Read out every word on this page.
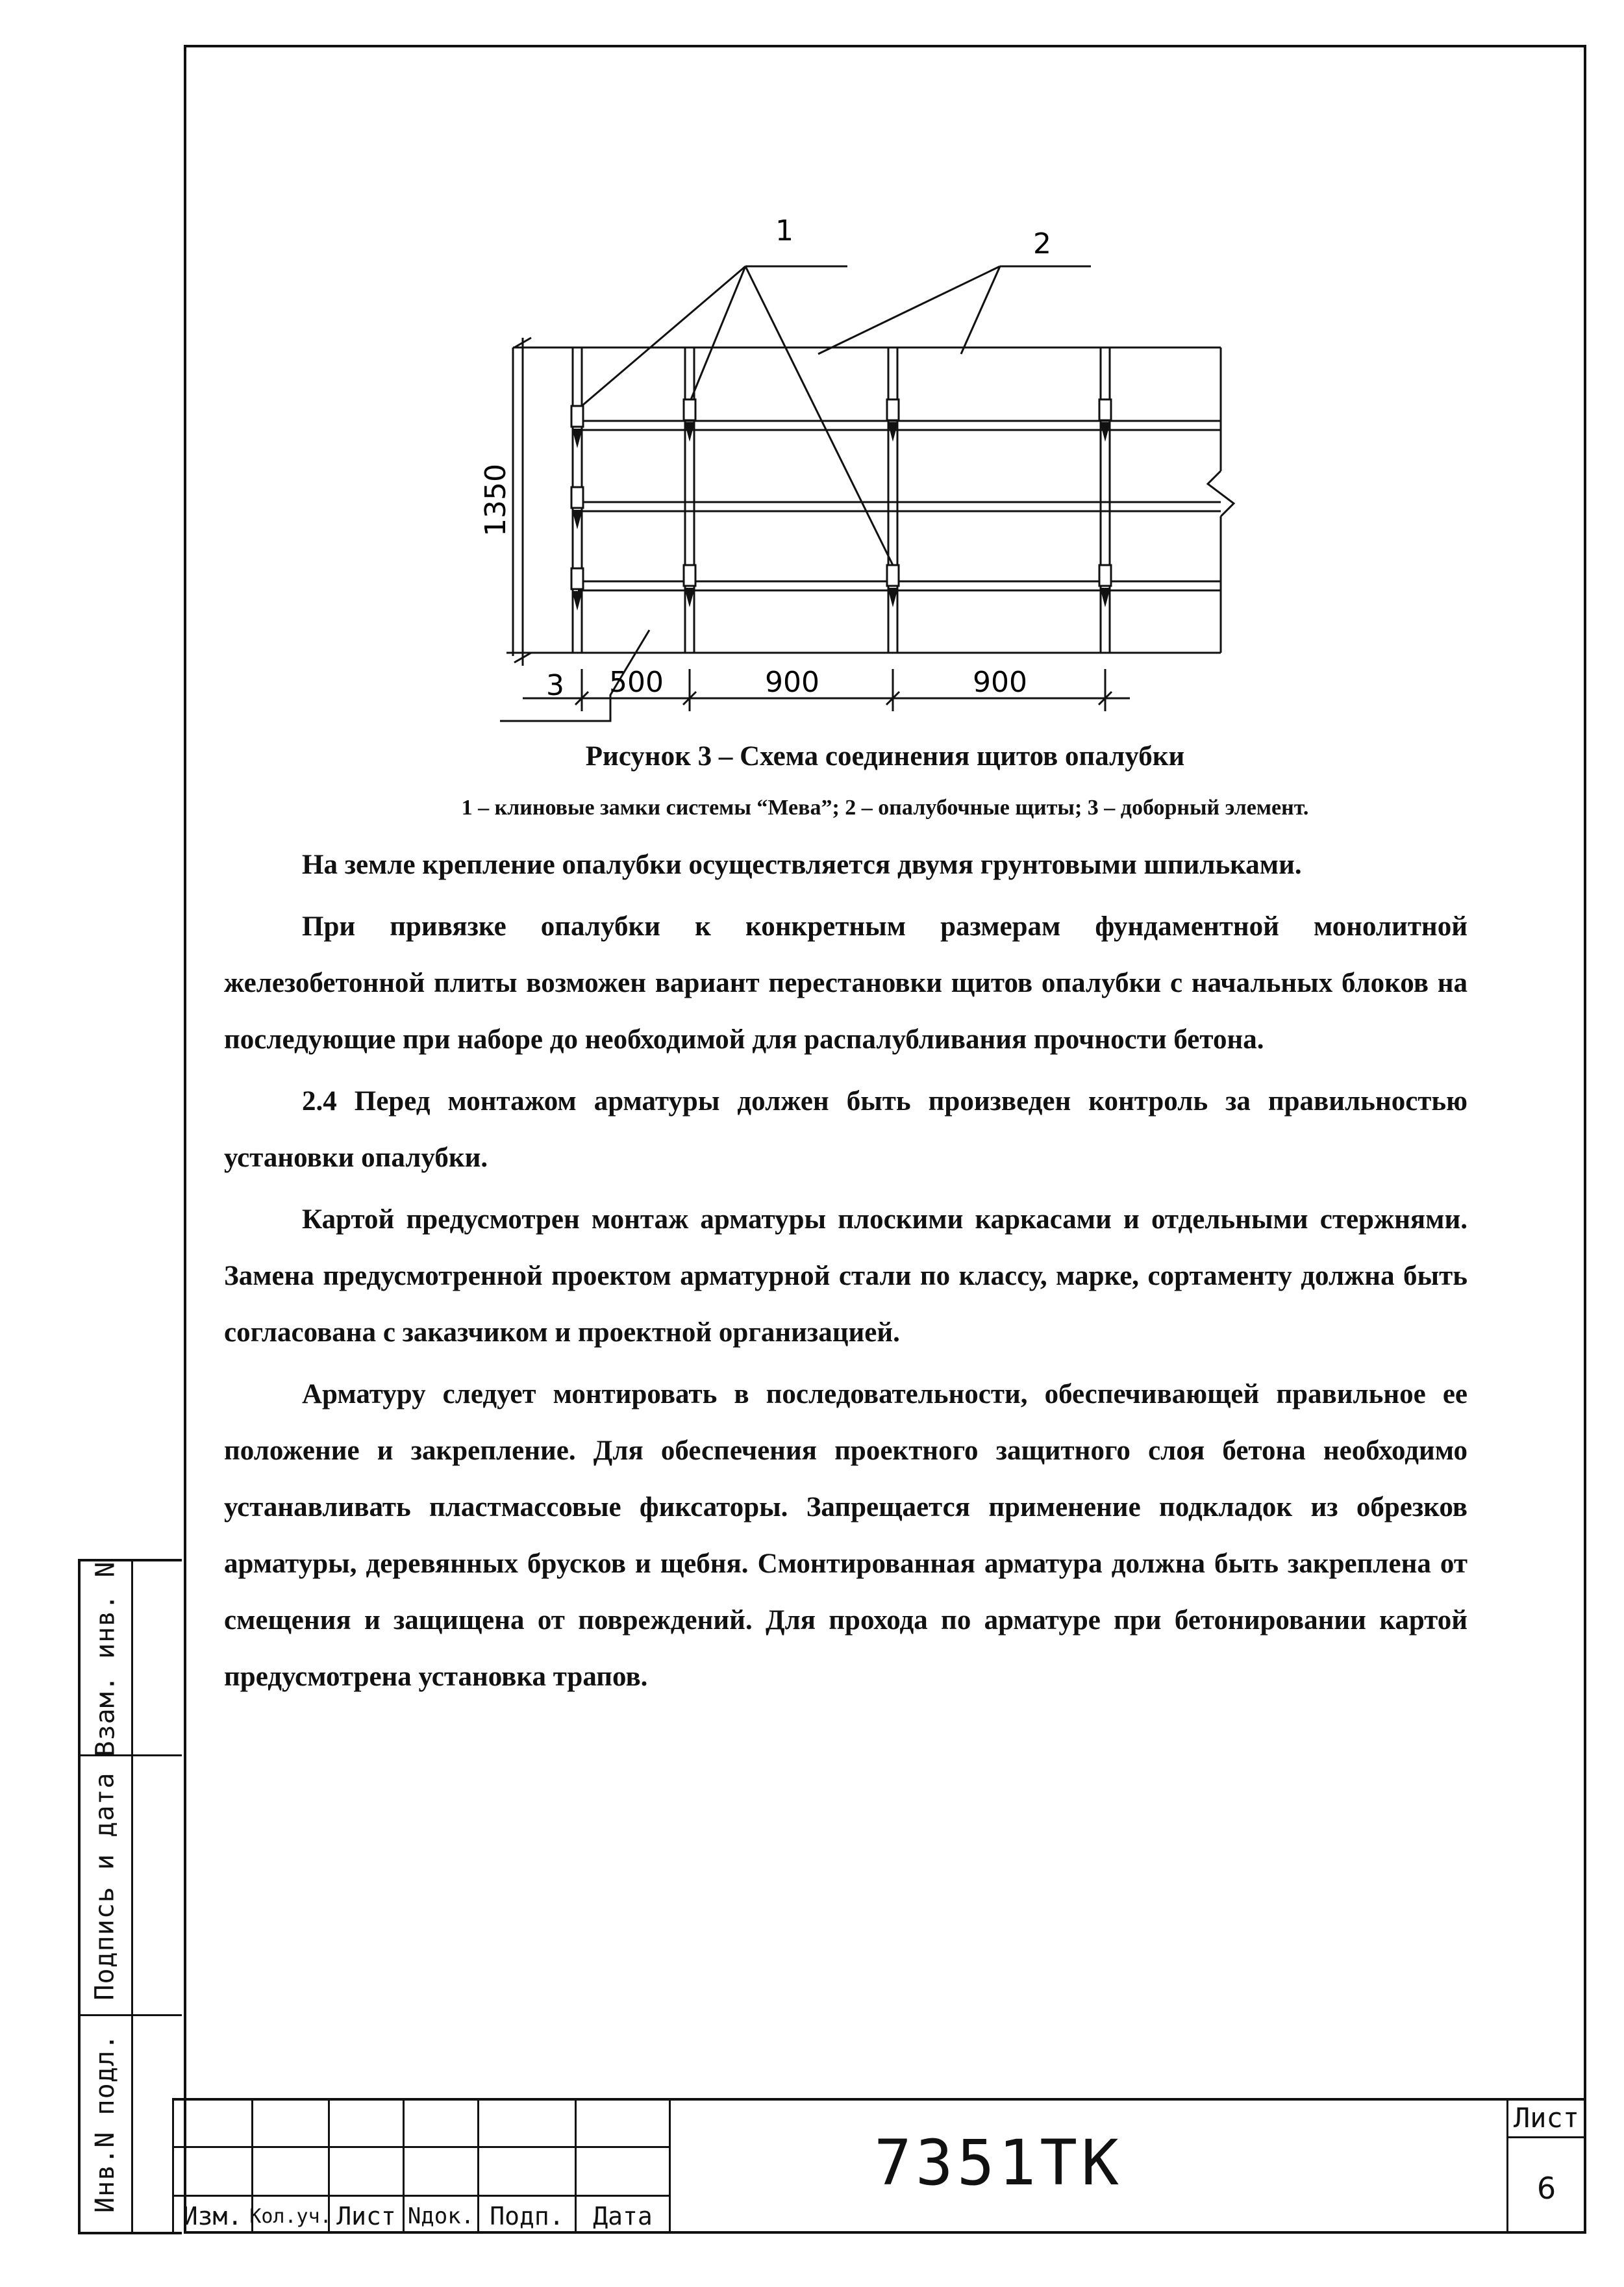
Взам. инв. N
Подпись и дата
Инв.N подл.
1	2
3
1350
500	900	900
Рисунок 3 – Схема соединения щитов опалубки
1 – клиновые замки системы “Мева”; 2 – опалубочные щиты; 3 – доборный элемент.

На земле крепление опалубки осуществляется двумя грунтовыми шпильками.

При привязке опалубки к конкретным размерам фундаментной монолитной железобетонной плиты возможен вариант перестановки щитов опалубки с начальных блоков на последующие при наборе до необходимой для распалубливания прочности бетона.

2.4 Перед монтажом арматуры должен быть произведен контроль за правильностью установки опалубки.

Картой предусмотрен монтаж арматуры плоскими каркасами и отдельными стержнями. Замена предусмотренной проектом арматурной стали по классу, марке, сортаменту должна быть согласована с заказчиком и проектной организацией.

Арматуру следует монтировать в последовательности, обеспечивающей правильное ее положение и закрепление. Для обеспечения проектного защитного слоя бетона необходимо устанавливать пластмассовые фиксаторы. Запрещается применение подкладок из обрезков арматуры, деревянных брусков и щебня. Смонтированная арматура должна быть закреплена от смещения и защищена от повреждений. Для прохода по арматуре при бетонировании картой предусмотрена установка трапов.

Изм. Кол.уч. Лист Nдок. Подп.	Дата
7351ТК
Лист
6
